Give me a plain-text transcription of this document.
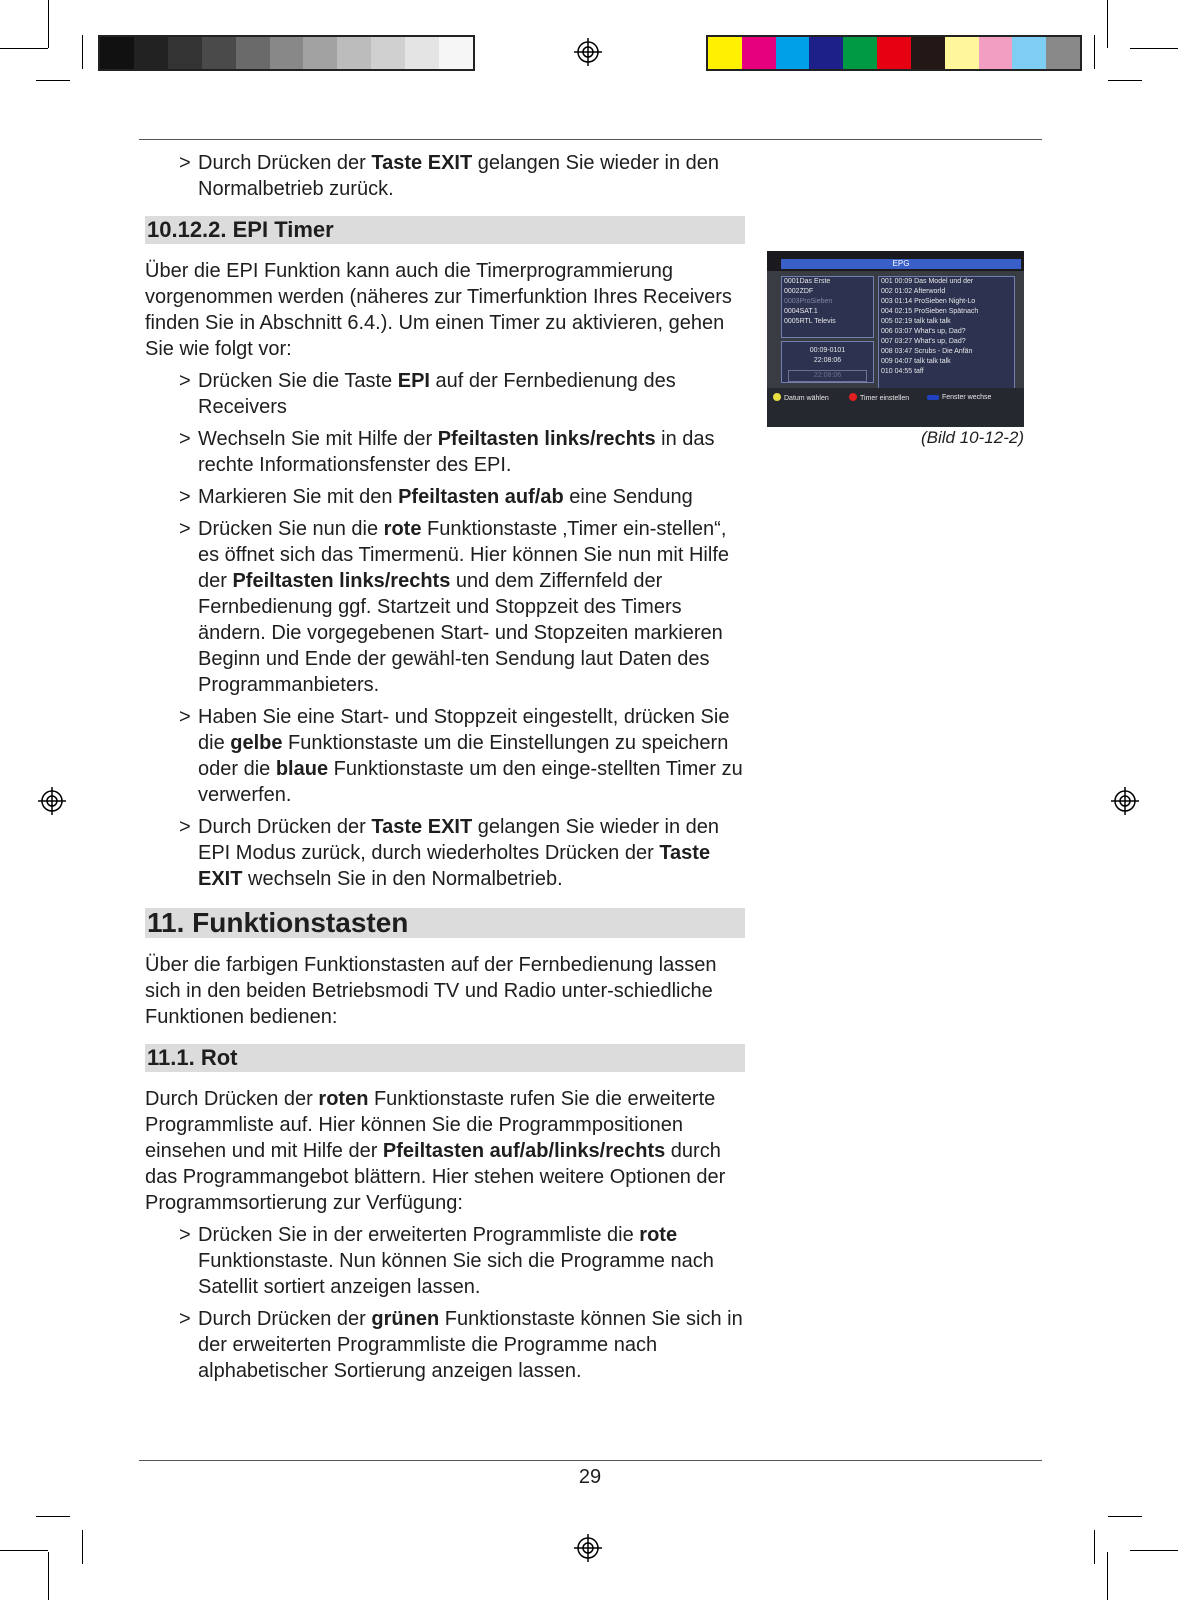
> Durch Drücken der Taste EXIT gelangen Sie wieder in den Normalbetrieb zurück.
10.12.2. EPI Timer

Über die EPI Funktion kann auch die Timerprogrammierung vorgenommen werden (näheres zur Timerfunktion Ihres Receivers finden Sie in Abschnitt 6.4.). Um einen Timer zu aktivieren, gehen Sie wie folgt vor:

> Drücken Sie die Taste EPI auf der Fernbedienung des Receivers
> Wechseln Sie mit Hilfe der Pfeiltasten links/rechts in das rechte Informationsfenster des EPI.
> Markieren Sie mit den Pfeiltasten auf/ab eine Sendung
> Drücken Sie nun die rote Funktionstaste ‚Timer ein-stellen“, es öffnet sich das Timermenü. Hier können Sie nun mit Hilfe der Pfeiltasten links/rechts und dem Ziffernfeld der Fernbedienung ggf. Startzeit und Stoppzeit des Timers ändern. Die vorgegebenen Start- und Stopzeiten markieren Beginn und Ende der gewähl-ten Sendung laut Daten des Programmanbieters.
> Haben Sie eine Start- und Stoppzeit eingestellt, drücken Sie die gelbe Funktionstaste um die Einstellungen zu speichern oder die blaue Funktionstaste um den einge-stellten Timer zu verwerfen.
> Durch Drücken der Taste EXIT gelangen Sie wieder in den EPI Modus zurück, durch wiederholtes Drücken der Taste EXIT wechseln Sie in den Normalbetrieb.
11. Funktionstasten

Über die farbigen Funktionstasten auf der Fernbedienung lassen sich in den beiden Betriebsmodi TV und Radio unter-schiedliche Funktionen bedienen:

11.1. Rot

Durch Drücken der roten Funktionstaste rufen Sie die erweiterte Programmliste auf. Hier können Sie die Programmpositionen einsehen und mit Hilfe der Pfeiltasten auf/ab/links/rechts durch das Programmangebot blättern. Hier stehen weitere Optionen der Programmsortierung zur Verfügung:

> Drücken Sie in der erweiterten Programmliste die rote Funktionstaste. Nun können Sie sich die Programme nach Satellit sortiert anzeigen lassen.
> Durch Drücken der grünen Funktionstaste können Sie sich in der erweiterten Programmliste die Programme nach alphabetischer Sortierung anzeigen lassen.
EPG
0001Das Erste
0002ZDF
0003ProSieben
0004SAT.1
0005RTL Televis
00:09-0101
22:08:06
22:08:06
001 00:09 Das Model und der
002 01:02 Afterworld
003 01:14 ProSieben Night-Lo
004 02:15 ProSieben Spätnach
005 02:19 talk talk talk
006 03:07 What's up, Dad?
007 03:27 What's up, Dad?
008 03:47 Scrubs - Die Anfän
009 04:07 talk talk talk
010 04:55 taff
Datum wählen	Timer einstellen	Fenster wechse
(Bild 10-12-2)
29
